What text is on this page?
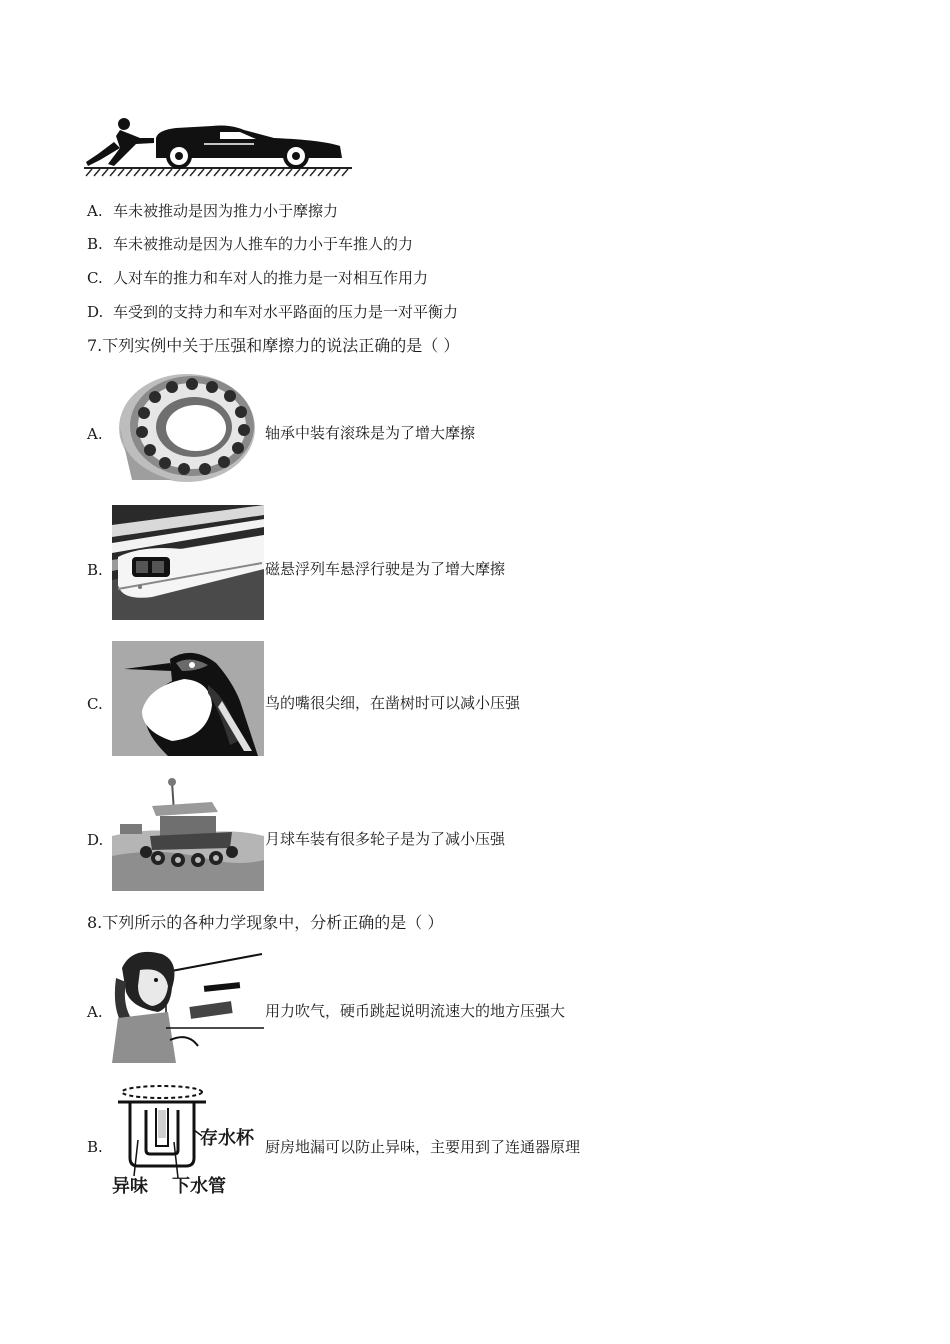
A. 车未被推动是因为推力小于摩擦力
B. 车未被推动是因为人推车的力小于车推人的力
C. 人对车的推力和车对人的推力是一对相互作用力
D. 车受到的支持力和车对水平路面的压力是一对平衡力
7.下列实例中关于压强和摩擦力的说法正确的是（ ）
A.	轴承中装有滚珠是为了增大摩擦
B.	磁悬浮列车悬浮行驶是为了增大摩擦
C.	鸟的嘴很尖细，在凿树时可以减小压强
D.	月球车装有很多轮子是为了减小压强
8.下列所示的各种力学现象中，分析正确的是（ ）
A.	用力吹气，硬币跳起说明流速大的地方压强大
B.	存水杯
异味 下水管
厨房地漏可以防止异味，主要用到了连通器原理
